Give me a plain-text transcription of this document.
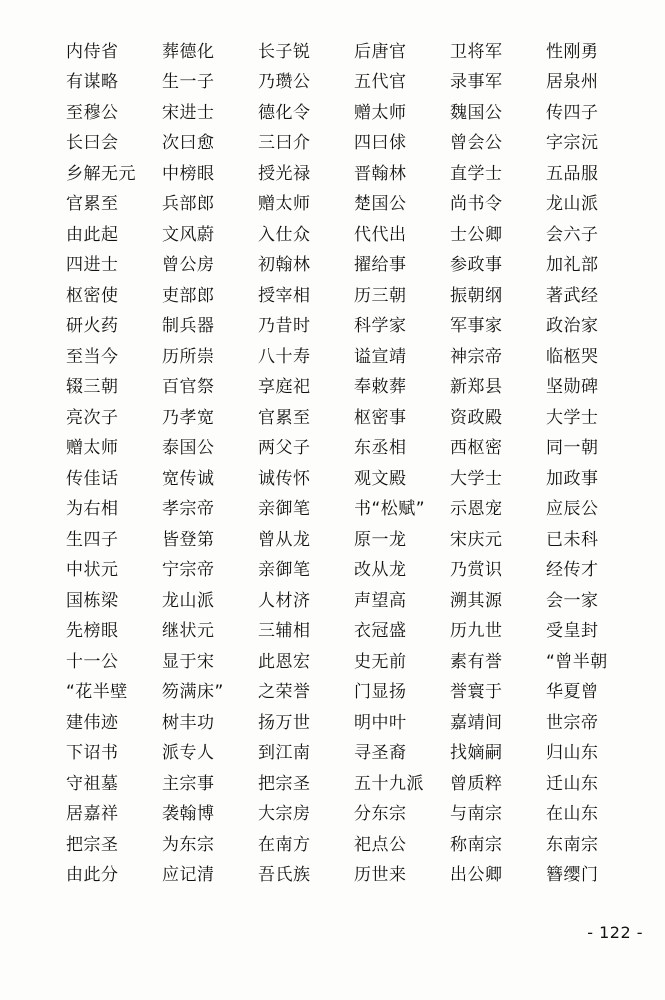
内侍省	葬德化	长子锐	后唐官	卫将军	性刚勇
有谋略	生一子	乃瓒公	五代官	录事军	居泉州
至穆公	宋进士	德化令	赠太师	魏国公	传四子
长曰会	次曰愈	三曰介	四曰俅	曾会公	字宗沅
乡解无元	中榜眼	授光禄	晋翰林	直学士	五品服
官累至	兵部郎	赠太师	楚国公	尚书令	龙山派
由此起	文风蔚	入仕众	代代出	士公卿	会六子
四进士	曾公房	初翰林	擢给事	参政事	加礼部
枢密使	吏部郎	授宰相	历三朝	振朝纲	著武经
研火药	制兵器	乃昔时	科学家	军事家	政治家
至当今	历所崇	八十寿	谥宣靖	神宗帝	临柩哭
辍三朝	百官祭	享庭祀	奉敕葬	新郑县	坚勋碑
亮次子	乃孝宽	官累至	枢密事	资政殿	大学士
赠太师	泰国公	两父子	东丞相	西枢密	同一朝
传佳话	宽传诚	诚传怀	观文殿	大学士	加政事
为右相	孝宗帝	亲御笔	书“松赋”	示恩宠	应辰公
生四子	皆登第	曾从龙	原一龙	宋庆元	已未科
中状元	宁宗帝	亲御笔	改从龙	乃赏识	经传才
国栋梁	龙山派	人材济	声望高	溯其源	会一家
先榜眼	继状元	三辅相	衣冠盛	历九世	受皇封
十一公	显于宋	此恩宏	史无前	素有誉	“曾半朝
“花半壁	笏满床”	之荣誉	门显扬	誉寰于	华夏曾
建伟迹	树丰功	扬万世	明中叶	嘉靖间	世宗帝
下诏书	派专人	到江南	寻圣裔	找嫡嗣	归山东
守祖墓	主宗事	把宗圣	五十九派	曾质粹	迁山东
居嘉祥	袭翰博	大宗房	分东宗	与南宗	在山东
把宗圣	为东宗	在南方	祀点公	称南宗	东南宗
由此分	应记清	吾氏族	历世来	出公卿	簪缨门
- 122 -
